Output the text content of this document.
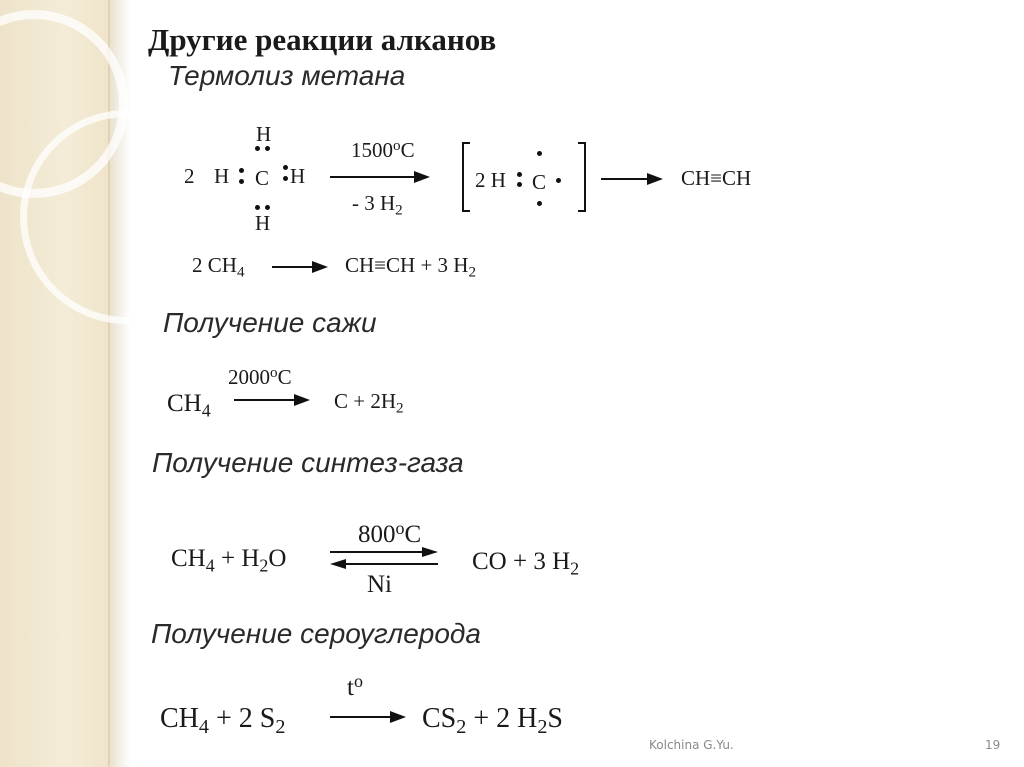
Другие реакции алканов
Термолиз метана
2 H C H
H
H
1500$^o$C
- 3 $H_2$
2 H C	→ CH≡CH
2 $CH_4 \to CH\equiv CH + 3$ $H_2$
Получение сажи
2000$^o$C
$CH_4$	$C + 2H_2$
Получение синтез-газа
800$^o$C
$CH_4 + H_2O$
Ni
CO + 3 $H_2$
Получение сероуглерода
$t^o$
$CH_4 + 2$ $S_2$	$CS_2 + 2$ $H_2S$
Kolchina G.Yu.	19
